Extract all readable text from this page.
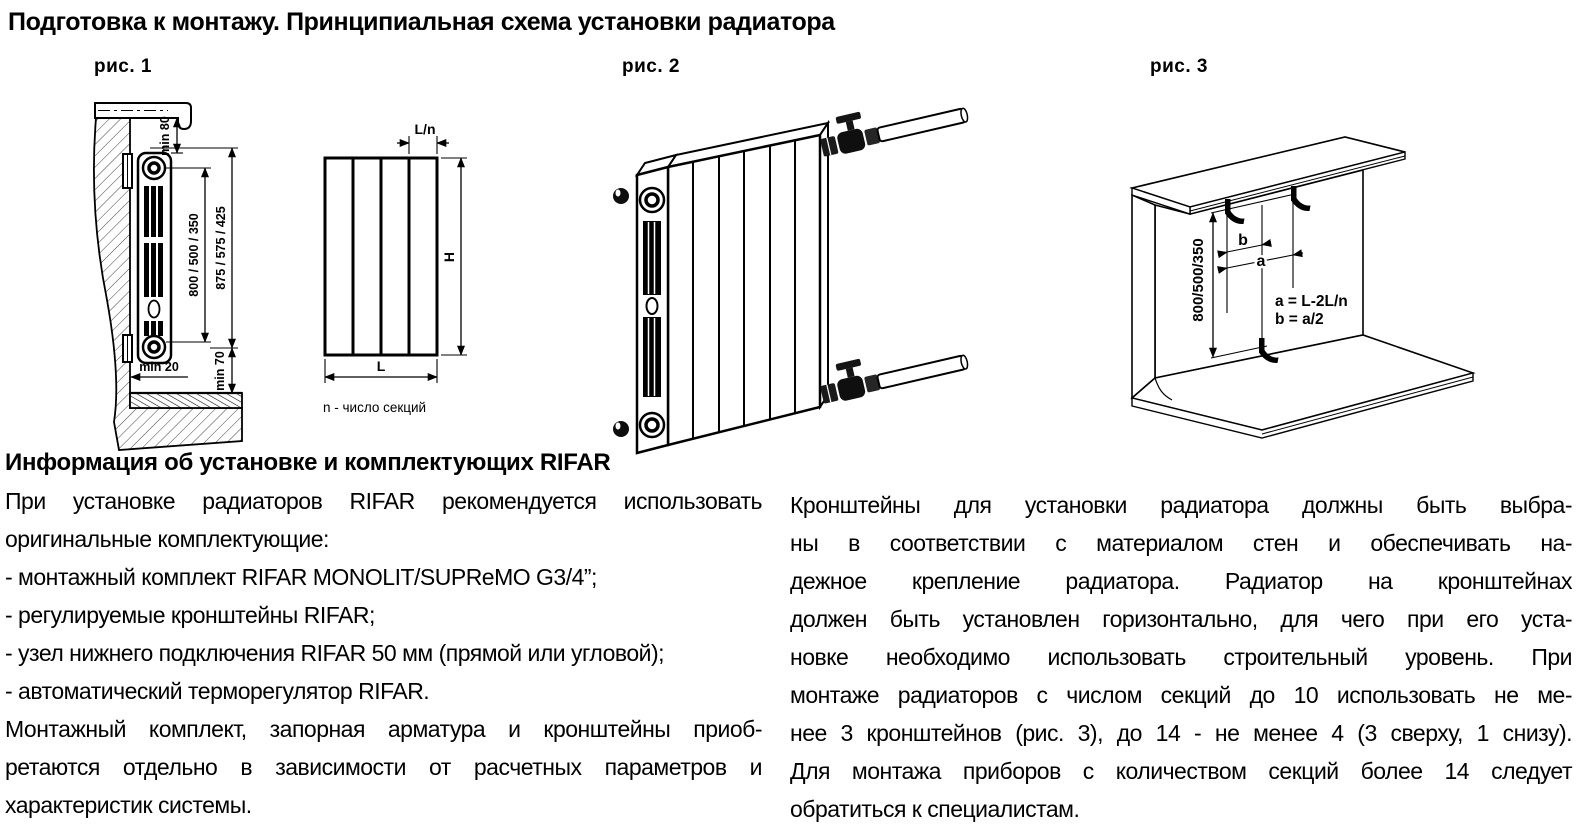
Подготовка к монтажу. Принципиальная схема установки радиатора
рис. 1	рис. 2	рис. 3
min 80
800 / 500 / 350 875 / 575 / 425
min 70
min 20
L/n
H
L
n - число секций
800/500/350 b
a
a = L-2L/n
b = a/2
Информация об установке и комплектующих RIFAR
При установке радиаторов RIFAR рекомендуется использовать
оригинальные комплектующие:
- монтажный комплект RIFAR MONOLIT/SUPReMO G3/4”;
- регулируемые кронштейны RIFAR;
- узел нижнего подключения RIFAR 50 мм (прямой или угловой);
- автоматический терморегулятор RIFAR.
Монтажный комплект, запорная арматура и кронштейны приоб-
ретаются отдельно в зависимости от расчетных параметров и
характеристик системы.
Кронштейны для установки радиатора должны быть выбра-
ны в соответствии с материалом стен и обеспечивать на-
дежное крепление радиатора. Радиатор на кронштейнах
должен быть установлен горизонтально, для чего при его уста-
новке необходимо использовать строительный уровень. При
монтаже радиаторов с числом секций до 10 использовать не ме-
нее 3 кронштейнов (рис. 3), до 14 - не менее 4 (3 сверху, 1 снизу).
Для монтажа приборов с количеством секций более 14 следует
обратиться к специалистам.
